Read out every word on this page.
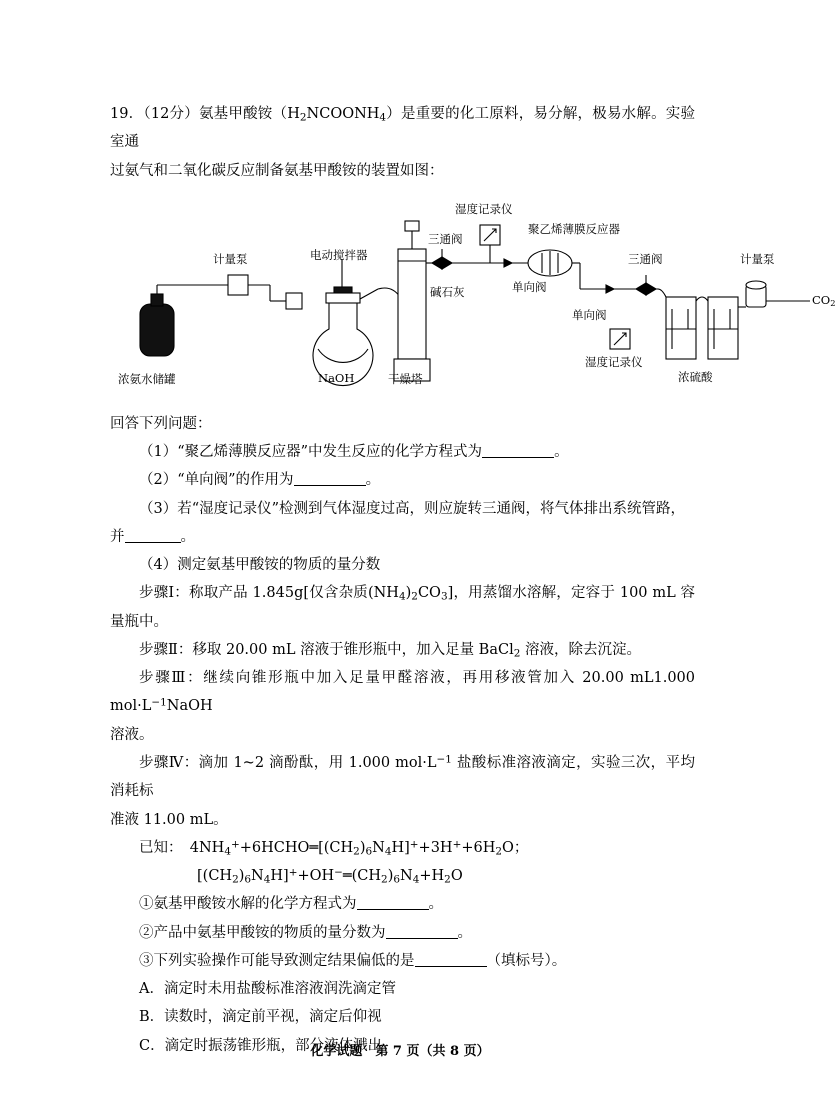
19．（12分）氨基甲酸铵$(H_2NCOONH_4)$是重要的化工原料，易分解，极易水解。实验室通

过氨气和二氧化碳反应制备氨基甲酸铵的装置如图：

电动搅拌器
湿度记录仪
聚乙烯薄膜反应器
三通阀
计量泵
碱石灰	单向阀
三通阀	计量泵
单向阀
湿度记录仪
$CO_2$
浓氨水储罐	NaOH	干燥塔	浓硫酸

回答下列问题：

（1）“聚乙烯薄膜反应器”中发生反应的化学方程式为	。

（2）“单向阀”的作用为	。

（3）若“湿度记录仪”检测到气体湿度过高，则应旋转三通阀，将气体排出系统管路，

并	。

（4）测定氨基甲酸铵的物质的量分数

步骤Ⅰ：称取产品 1.845g[仅含杂质$(NH_4)_2CO_3$]，用蒸馏水溶解，定容于 100 mL 容量瓶中。

步骤Ⅱ：移取 20.00 mL 溶液于锥形瓶中，加入足量 BaCl$_2$ 溶液，除去沉淀。

步骤Ⅲ：继续向锥形瓶中加入足量甲醛溶液，再用移液管加入 20.00 mL1.000 $mol\cdot L^{-1}NaOH$

溶液。

步骤Ⅳ：滴加 1~2 滴酚酞，用 1.000 $mol\cdot L^{-1}$ 盐酸标准溶液滴定，实验三次，平均消耗标

准液 11.00 mL。

已知：　$4NH_4^++6HCHO═[(CH_2)_6N_4H]^++3H^++6H_2O$；

$[(CH_2)_6N_4H]^++OH^-═(CH_2)_6N_4+H_2O$

①氨基甲酸铵水解的化学方程式为	。

②产品中氨基甲酸铵的物质的量分数为	。

③下列实验操作可能导致测定结果偏低的是	（填标号）。

A．滴定时未用盐酸标准溶液润洗滴定管

B．读数时，滴定前平视，滴定后仰视

C．滴定时振荡锥形瓶，部分液体溅出

化学试题　第 7 页（共 8 页）
